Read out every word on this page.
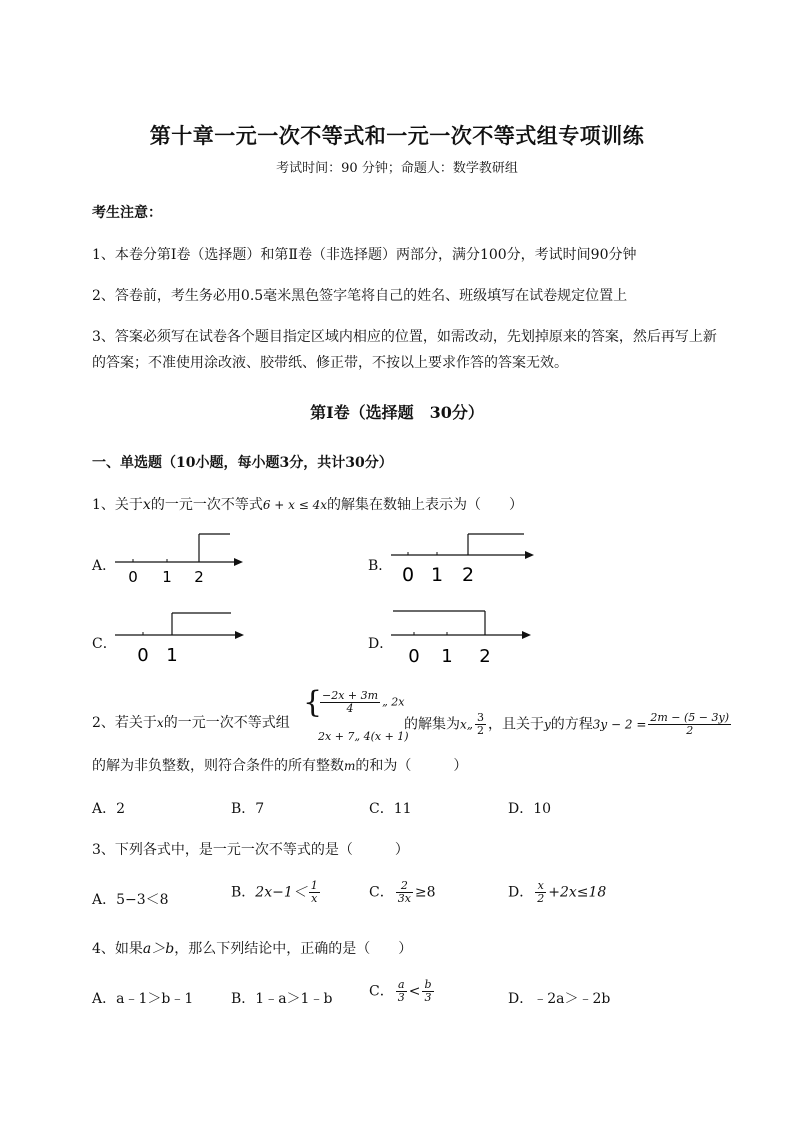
第十章一元一次不等式和一元一次不等式组专项训练
考试时间：90 分钟；命题人：数学教研组
考生注意：
1、本卷分第Ⅰ卷（选择题）和第Ⅱ卷（非选择题）两部分，满分100分，考试时间90分钟
2、答卷前，考生务必用0.5毫米黑色签字笔将自己的姓名、班级填写在试卷规定位置上
3、答案必须写在试卷各个题目指定区域内相应的位置，如需改动，先划掉原来的答案，然后再写上新
的答案；不准使用涂改液、胶带纸、修正带，不按以上要求作答的答案无效。
第Ⅰ卷（选择题　30分）
一、单选题（10小题，每小题3分，共计30分）
1、关于x的一元一次不等式6 + x ≤ 4x的解集在数轴上表示为（　　）
A．
0 1 2
B． 0 1 2
C．
0 1
D．
0 1 2
2、若关于x的一元一次不等式组
{
$\frac{-2x + 3m}{4}$ „ 2x
2x + 7„ 4(x + 1)
的解集为x„ $\frac{3}{2}$ ，且关于y的方程$3y - 2 = \frac{2m - (5 - 3y)}{2}$
的解为非负整数，则符合条件的所有整数m的和为（　　　）
A．2	B．7	C．11	D．10
3、下列各式中，是一元一次不等式的是（　　　）
A．5−3＜8	B．$2x-1< \frac{1}{x}$	C． $\frac{2}{3x} \ge 8$	D． $\frac{x}{2} +2x\le 18$
4、如果a＞b，那么下列结论中，正确的是（　　）
A．a﹣1＞b﹣1	B．1﹣a＞1﹣b	C． $\frac{a}{3} < \frac{b}{3}$	D．﹣2a＞﹣2b
